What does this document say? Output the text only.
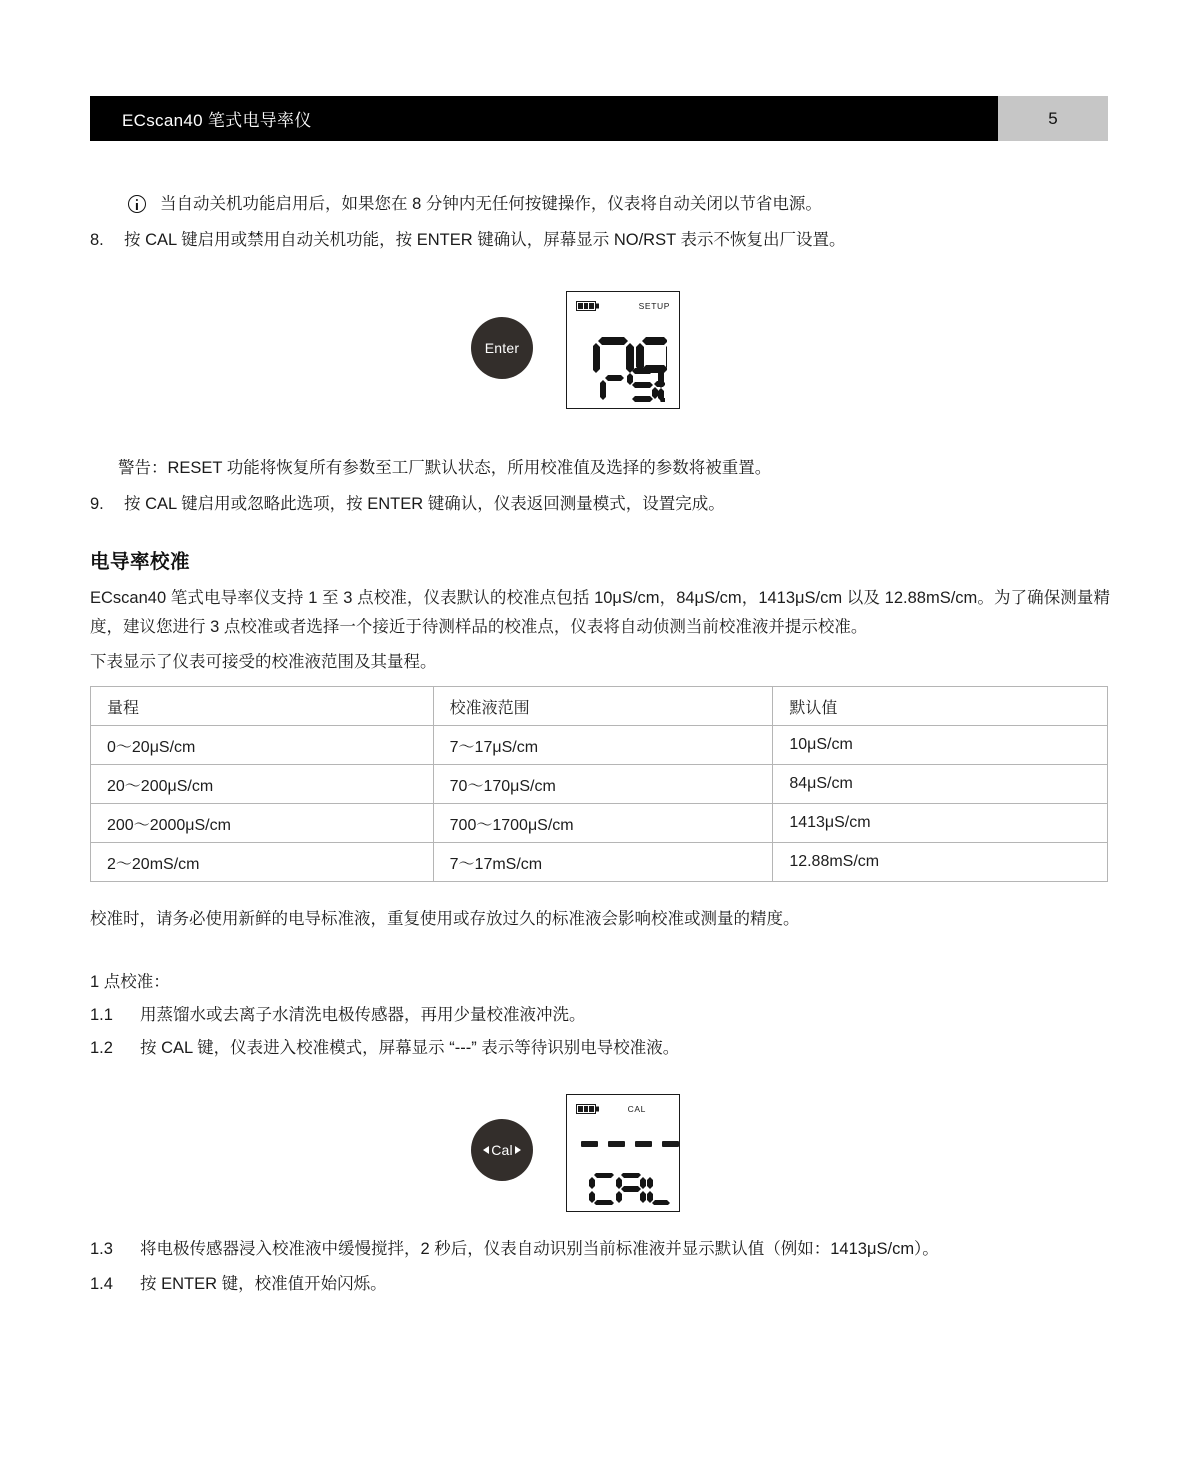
ECscan40 笔式电导率仪	5
当自动关机功能启用后，如果您在 8 分钟内无任何按键操作，仪表将自动关闭以节省电源。
8.	按 CAL 键启用或禁用自动关机功能，按 ENTER 键确认，屏幕显示 NO/RST 表示不恢复出厂设置。
Enter
SETUP
警告：RESET 功能将恢复所有参数至工厂默认状态，所用校准值及选择的参数将被重置。
9.	按 CAL 键启用或忽略此选项，按 ENTER 键确认，仪表返回测量模式，设置完成。
电导率校准
ECscan40 笔式电导率仪支持 1 至 3 点校准，仪表默认的校准点包括 10μS/cm，84μS/cm，1413μS/cm 以及 12.88mS/cm。为了确保测量精度，建议您进行 3 点校准或者选择一个接近于待测样品的校准点，仪表将自动侦测当前校准液并提示校准。
下表显示了仪表可接受的校准液范围及其量程。
量程	校准液范围	默认值
0～20μS/cm	7～17μS/cm	10μS/cm
20～200μS/cm	70～170μS/cm	84μS/cm
200～2000μS/cm	700～1700μS/cm	1413μS/cm
2～20mS/cm	7～17mS/cm	12.88mS/cm
校准时，请务必使用新鲜的电导标准液，重复使用或存放过久的标准液会影响校准或测量的精度。
1 点校准：
1.1	用蒸馏水或去离子水清洗电极传感器，再用少量校准液冲洗。
1.2	按 CAL 键，仪表进入校准模式，屏幕显示 “---” 表示等待识别电导校准液。
Cal
CAL
1.3	将电极传感器浸入校准液中缓慢搅拌，2 秒后，仪表自动识别当前标准液并显示默认值（例如：1413μS/cm）。
1.4	按 ENTER 键，校准值开始闪烁。
